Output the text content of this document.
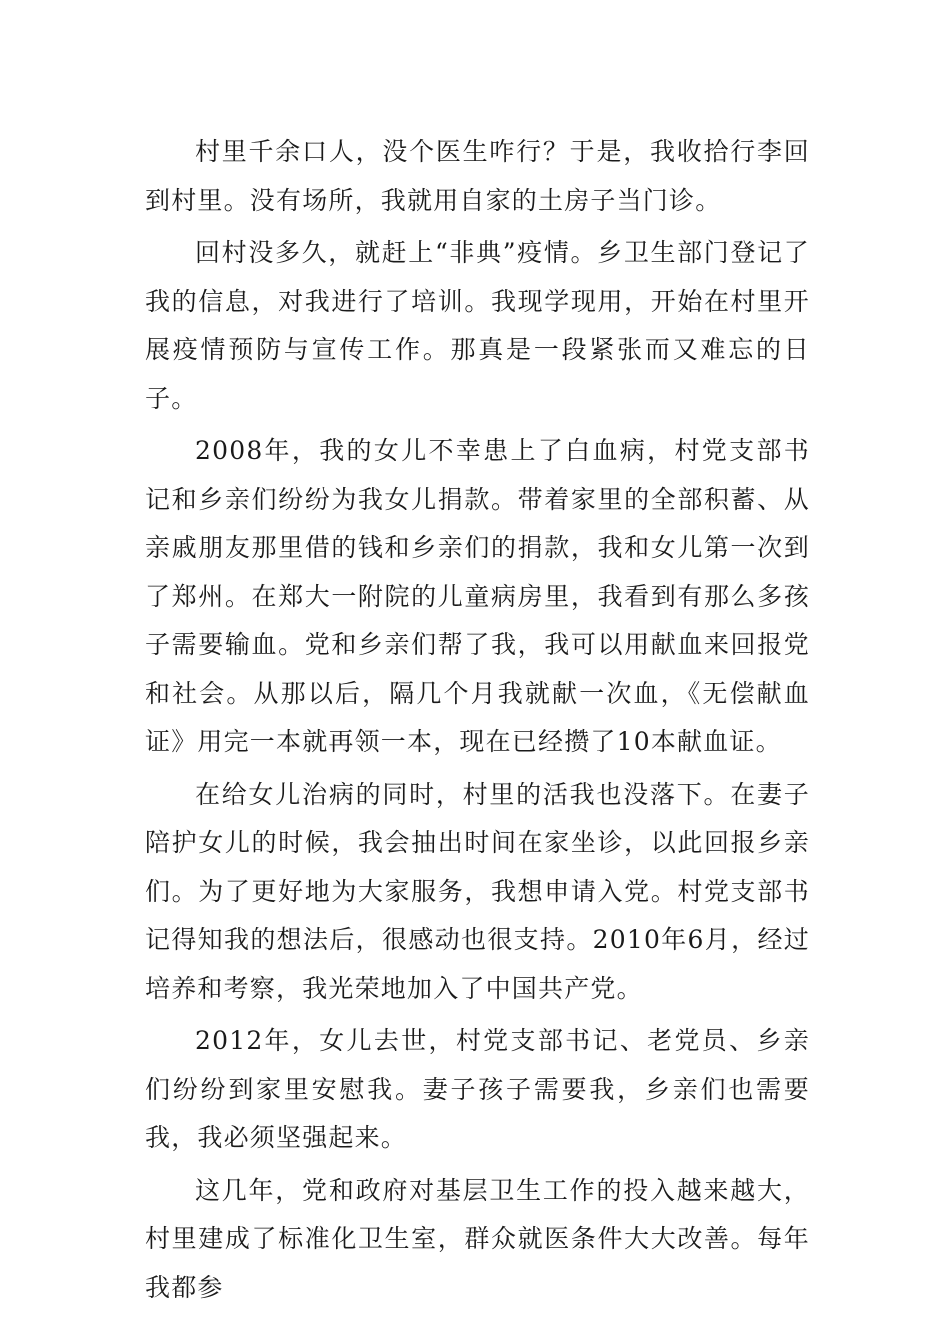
村里千余口人，没个医生咋行？于是，我收拾行李回到村里。没有场所，我就用自家的土房子当门诊。

回村没多久，就赶上“非典”疫情。乡卫生部门登记了我的信息，对我进行了培训。我现学现用，开始在村里开展疫情预防与宣传工作。那真是一段紧张而又难忘的日子。

2008年，我的女儿不幸患上了白血病，村党支部书记和乡亲们纷纷为我女儿捐款。带着家里的全部积蓄、从亲戚朋友那里借的钱和乡亲们的捐款，我和女儿第一次到了郑州。在郑大一附院的儿童病房里，我看到有那么多孩子需要输血。党和乡亲们帮了我，我可以用献血来回报党和社会。从那以后，隔几个月我就献一次血，《无偿献血证》用完一本就再领一本，现在已经攒了10本献血证。

在给女儿治病的同时，村里的活我也没落下。在妻子陪护女儿的时候，我会抽出时间在家坐诊，以此回报乡亲们。为了更好地为大家服务，我想申请入党。村党支部书记得知我的想法后，很感动也很支持。2010年6月，经过培养和考察，我光荣地加入了中国共产党。

2012年，女儿去世，村党支部书记、老党员、乡亲们纷纷到家里安慰我。妻子孩子需要我，乡亲们也需要我，我必须坚强起来。

这几年，党和政府对基层卫生工作的投入越来越大，村里建成了标准化卫生室，群众就医条件大大改善。每年我都参
